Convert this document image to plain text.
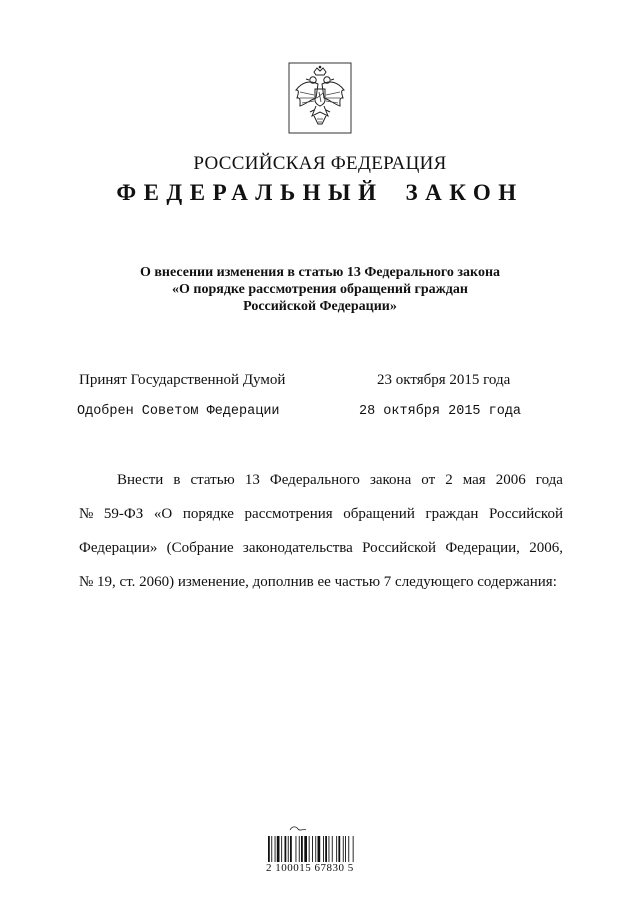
РОССИЙСКАЯ ФЕДЕРАЦИЯ
ФЕДЕРАЛЬНЫЙ ЗАКОН
О внесении изменения в статью 13 Федерального закона
«О порядке рассмотрения обращений граждан
Российской Федерации»
Принят Государственной Думой	23 октября 2015 года
Одобрен Советом Федерации	28 октября 2015 года
Внести в статью 13 Федерального закона от 2 мая 2006 года
№ 59-ФЗ «О порядке рассмотрения обращений граждан Российской
Федерации» (Собрание законодательства Российской Федерации, 2006,
№ 19, ст. 2060) изменение, дополнив ее частью 7 следующего содержания:
2 100015 67830 5
